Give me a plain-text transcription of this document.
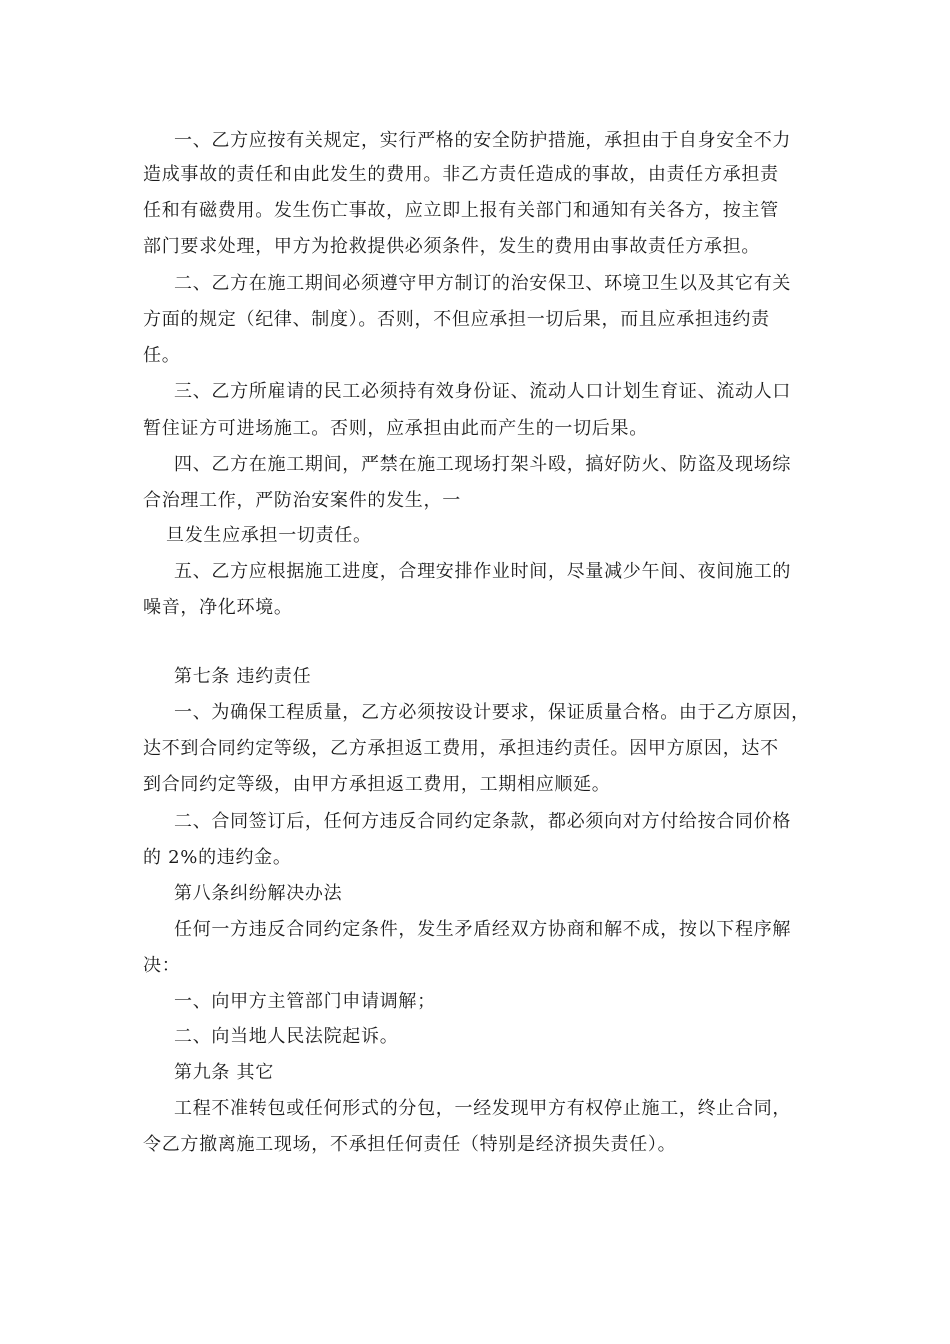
一、乙方应按有关规定，实行严格的安全防护措施，承担由于自身安全不力
造成事故的责任和由此发生的费用。非乙方责任造成的事故，由责任方承担责
任和有磁费用。发生伤亡事故，应立即上报有关部门和通知有关各方，按主管
部门要求处理，甲方为抢救提供必须条件，发生的费用由事故责任方承担。
二、乙方在施工期间必须遵守甲方制订的治安保卫、环境卫生以及其它有关
方面的规定（纪律、制度）。否则，不但应承担一切后果，而且应承担违约责
任。
三、乙方所雇请的民工必须持有效身份证、流动人口计划生育证、流动人口
暂住证方可进场施工。否则，应承担由此而产生的一切后果。
四、乙方在施工期间，严禁在施工现场打架斗殴，搞好防火、防盗及现场综
合治理工作，严防治安案件的发生，一
旦发生应承担一切责任。
五、乙方应根据施工进度，合理安排作业时间，尽量减少午间、夜间施工的
噪音，净化环境。
第七条 违约责任
一、为确保工程质量，乙方必须按设计要求，保证质量合格。由于乙方原因，
达不到合同约定等级，乙方承担返工费用，承担违约责任。因甲方原因，达不
到合同约定等级，由甲方承担返工费用，工期相应顺延。
二、合同签订后，任何方违反合同约定条款，都必须向对方付给按合同价格
的 2%的违约金。
第八条纠纷解决办法
任何一方违反合同约定条件，发生矛盾经双方协商和解不成，按以下程序解
决：
一、向甲方主管部门申请调解；
二、向当地人民法院起诉。
第九条 其它
工程不准转包或任何形式的分包，一经发现甲方有权停止施工，终止合同，
令乙方撤离施工现场，不承担任何责任（特别是经济损失责任）。
